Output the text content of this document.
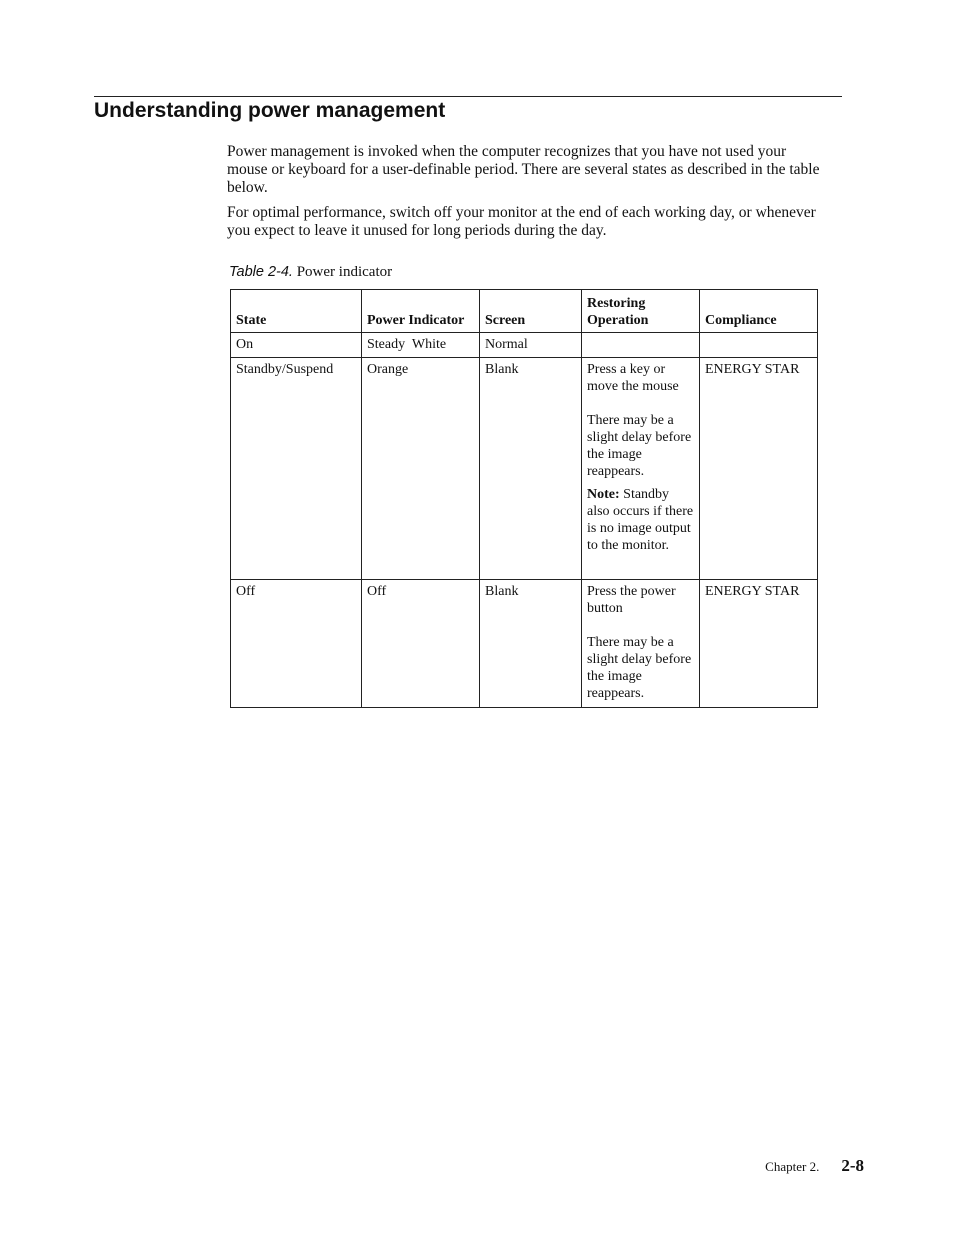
Understanding power management

Power management is invoked when the computer recognizes that you have not used your mouse or keyboard for a user-definable period. There are several states as described in the table below.

For optimal performance, switch off your monitor at the end of each working day, or whenever you expect to leave it unused for long periods during the day.

Table 2-4. Power indicator
State	Power Indicator	Screen	Restoring Operation	Compliance
On	Steady  White	Normal		
Standby/Suspend	Orange	Blank	Press a key or move the mouse

There may be a slight delay before the image reappears.

Note: Standby also occurs if there is no image output to the monitor.	ENERGY STAR
Off	Off	Blank	Press the power button

There may be a slight delay before the image reappears.	ENERGY STAR
Chapter 2. 2-8
